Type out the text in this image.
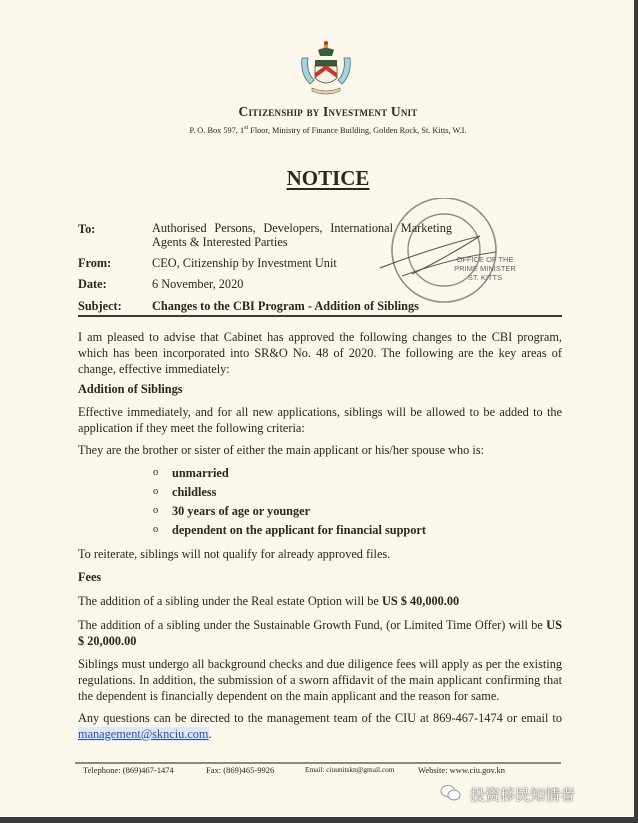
Citizenship by Investment Unit
P. O. Box 597, 1st Floor, Ministry of Finance Building, Golden Rock, St. Kitts, W.I.
NOTICE
OFFICE OF THE PRIME MINISTER ST. KITTS
To:	Authorised Persons, Developers, International Marketing Agents & Interested Parties
From:	CEO, Citizenship by Investment Unit
Date:	6 November, 2020
Subject:	Changes to the CBI Program - Addition of Siblings

I am pleased to advise that Cabinet has approved the following changes to the CBI program, which has been incorporated into SR&O No. 48 of 2020. The following are the key areas of change, effective immediately:

Addition of Siblings

Effective immediately, and for all new applications, siblings will be allowed to be added to the application if they meet the following criteria:

They are the brother or sister of either the main applicant or his/her spouse who is:

o	unmarried
o	childless
o	30 years of age or younger
o	dependent on the applicant for financial support

To reiterate, siblings will not qualify for already approved files.

Fees

The addition of a sibling under the Real estate Option will be US $ 40,000.00

The addition of a sibling under the Sustainable Growth Fund, (or Limited Time Offer) will be US $ 20,000.00

Siblings must undergo all background checks and due diligence fees will apply as per the existing regulations. In addition, the submission of a sworn affidavit of the main applicant confirming that the dependent is financially dependent on the main applicant and the reason for same.

Any questions can be directed to the management team of the CIU at 869-467-1474 or email to management@sknciu.com.

Telephone: (869)467-1474	Fax: (869)465-9926	Email: ciuunitskn@gmail.com	Website: www.ciu.gov.kn
投资移民知情者
